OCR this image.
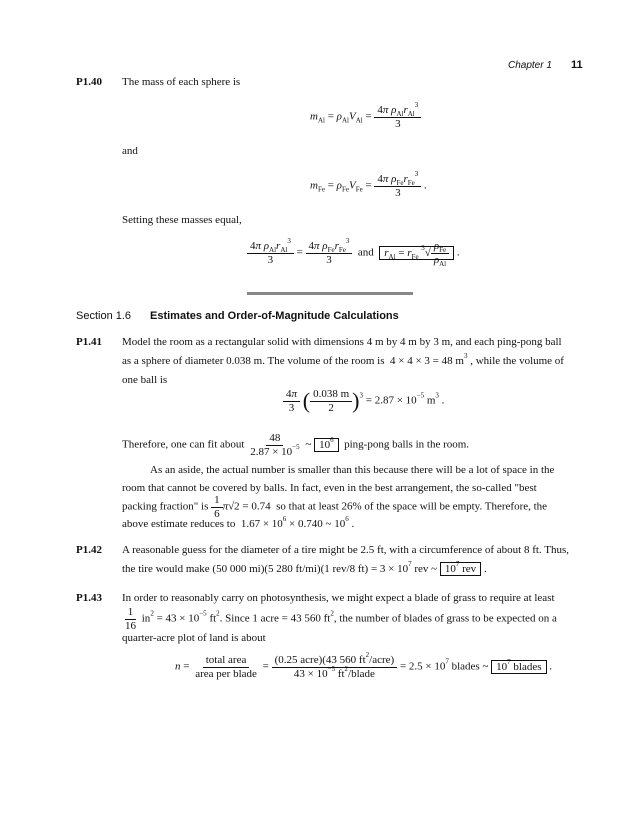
Chapter 1 11
P1.40 The mass of each sphere is
$m_{Al} = \rho_{Al}V_{Al} = \frac{4\pi \rho_{Al}r_{Al}^3}{3}$
and
$m_{Fe} = \rho_{Fe}V_{Fe} = \frac{4\pi \rho_{Fe}r_{Fe}^3}{3}$ .
Setting these masses equal,
$\frac{4\pi \rho_{Al}r_{Al}^3}{3} = \frac{4\pi \rho_{Fe}r_{Fe}^3}{3}$ and $r_{Al} = r_{Fe}$ $^3√ \frac{\rho_{Fe}}{\rho_{Al}}$ .
Section 1.6 Estimates and Order-of-Magnitude Calculations
P1.41 Model the room as a rectangular solid with dimensions 4 m by 4 m by 3 m, and each ping-pong ball
as a sphere of diameter 0.038 m. The volume of the room is  4 × 4 × 3 = 48 $m^3$ , while the volume of
one ball is
$\frac{4\pi}{3}$ ( $\frac{0.038 m}{2} )^3 = 2.87 \times 10^{-5}$ $m^3$ .
Therefore, one can fit about $\frac{48}{2.87 \times 10^{-5}}$ ~ $10^6$ ping-pong balls in the room.
As an aside, the actual number is smaller than this because there will be a lot of space in the
room that cannot be covered by balls. In fact, even in the best arrangement, the so-called "best
packing fraction" is $\frac{1}{6} \pi√2 = 0.74$  so that at least 26% of the space will be empty. Therefore, the
above estimate reduces to  $1.67 \times 10^6 \times 0.740$ ~ $10^6$ .
P1.42 A reasonable guess for the diameter of a tire might be 2.5 ft, with a circumference of about 8 ft. Thus,
the tire would make (50 000 mi)(5 280 ft/mi)(1 rev/8 $ft) = 3 \times 10^7$ rev ~ $10^7$ rev .
P1.43 In order to reasonably carry on photosynthesis, we might expect a blade of grass to require at least
$\frac{1}{16} in^2 = 43 \times 10^{-5}$ $ft^2$. Since 1 acre = 43 560 $ft^2$, the number of blades of grass to be expected on a
quarter-acre plot of land is about
$n = \frac{\text{total area}}{\text{area per blade}} = \frac{(0.25 acre)(43 560 ft^2/acre)}{43 \times 10^{-5} ft^2/blade} = 2.5 \times 10^7$ blades ~ $10^7$ blades .
